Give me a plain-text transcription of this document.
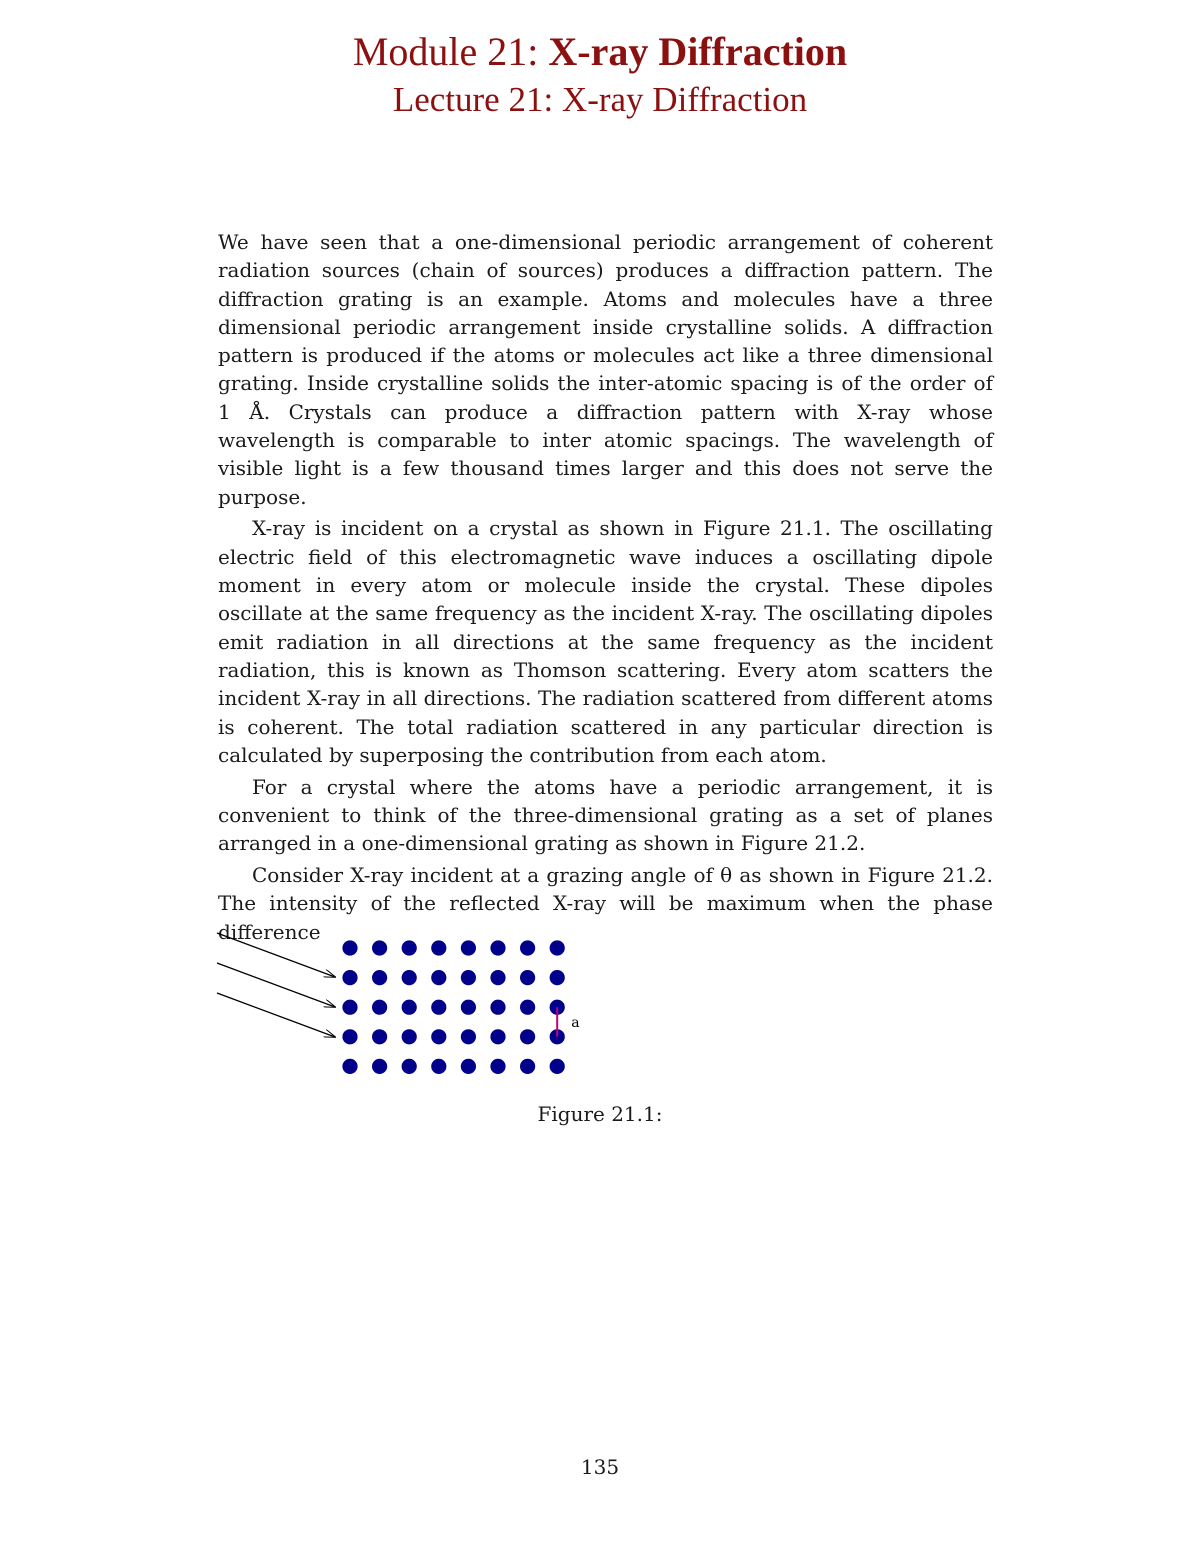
Module 21: X-ray Diffraction
Lecture 21: X-ray Diffraction

We have seen that a one-dimensional periodic arrangement of coherent radiation sources (chain of sources) produces a diffraction pattern. The diffraction grating is an example. Atoms and molecules have a three dimensional periodic arrangement inside crystalline solids. A diffraction pattern is produced if the atoms or molecules act like a three dimensional grating. Inside crystalline solids the inter-atomic spacing is of the order of 1 Å. Crystals can produce a diffraction pattern with X-ray whose wavelength is comparable to inter atomic spacings. The wavelength of visible light is a few thousand times larger and this does not serve the purpose.

X-ray is incident on a crystal as shown in Figure 21.1. The oscillating electric field of this electromagnetic wave induces a oscillating dipole moment in every atom or molecule inside the crystal. These dipoles oscillate at the same frequency as the incident X-ray. The oscillating dipoles emit radiation in all directions at the same frequency as the incident radiation, this is known as Thomson scattering. Every atom scatters the incident X-ray in all directions. The radiation scattered from different atoms is coherent. The total radiation scattered in any particular direction is calculated by superposing the contribution from each atom.

For a crystal where the atoms have a periodic arrangement, it is convenient to think of the three-dimensional grating as a set of planes arranged in a one-dimensional grating as shown in Figure 21.2.

Consider X-ray incident at a grazing angle of θ as shown in Figure 21.2. The intensity of the reflected X-ray will be maximum when the phase difference

a
Figure 21.1:
135
